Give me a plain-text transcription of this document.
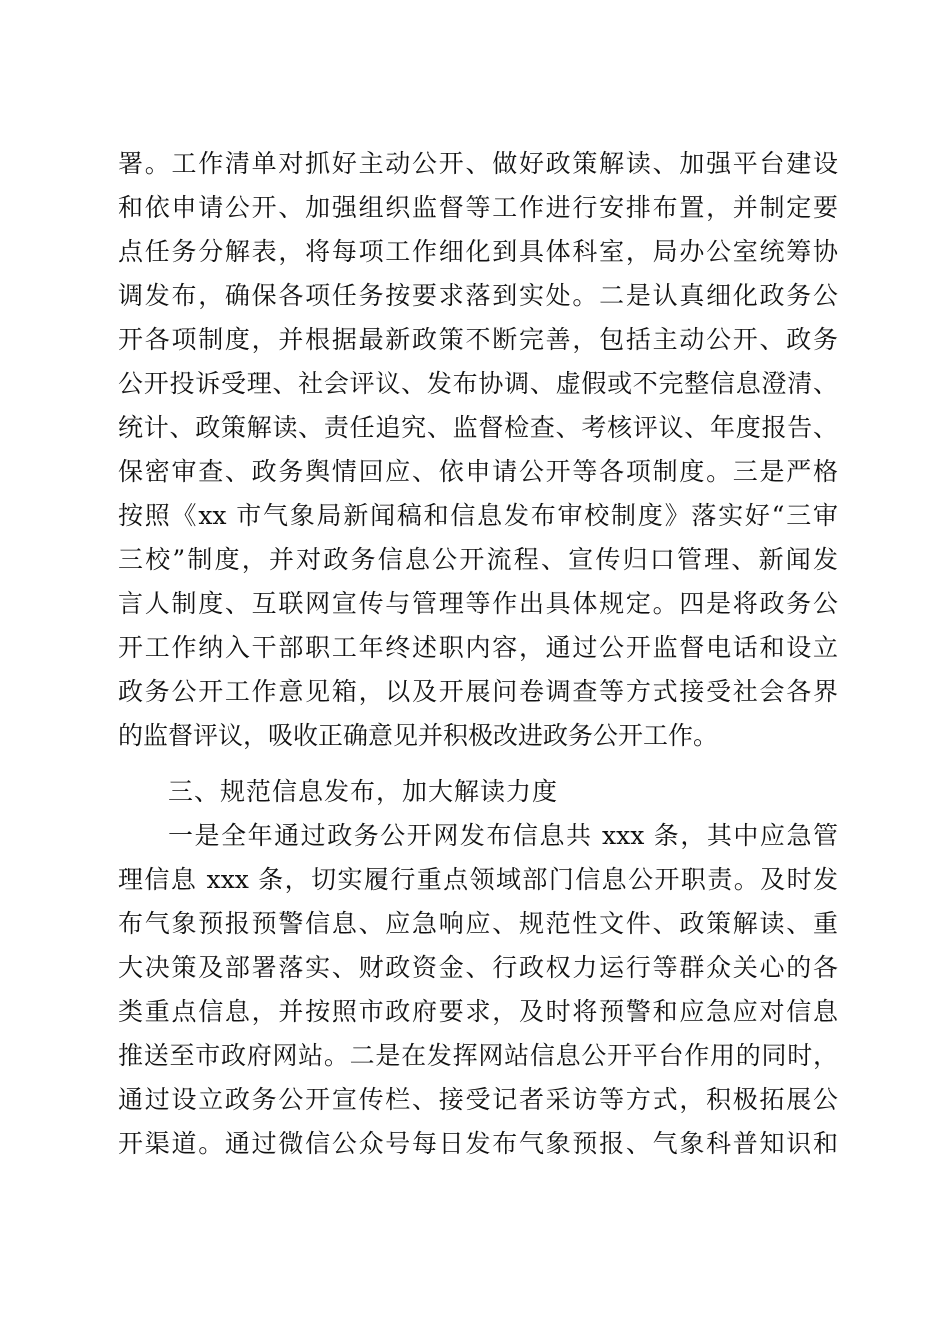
署。工作清单对抓好主动公开、做好政策解读、加强平台建设
和依申请公开、加强组织监督等工作进行安排布置，并制定要
点任务分解表，将每项工作细化到具体科室，局办公室统筹协
调发布，确保各项任务按要求落到实处。二是认真细化政务公
开各项制度，并根据最新政策不断完善，包括主动公开、政务
公开投诉受理、社会评议、发布协调、虚假或不完整信息澄清、
统计、政策解读、责任追究、监督检查、考核评议、年度报告、
保密审查、政务舆情回应、依申请公开等各项制度。三是严格
按照《xx 市气象局新闻稿和信息发布审校制度》落实好“三审
三校”制度，并对政务信息公开流程、宣传归口管理、新闻发
言人制度、互联网宣传与管理等作出具体规定。四是将政务公
开工作纳入干部职工年终述职内容，通过公开监督电话和设立
政务公开工作意见箱，以及开展问卷调查等方式接受社会各界
的监督评议，吸收正确意见并积极改进政务公开工作。
三、规范信息发布，加大解读力度
一是全年通过政务公开网发布信息共 xxx 条，其中应急管
理信息 xxx 条，切实履行重点领域部门信息公开职责。及时发
布气象预报预警信息、应急响应、规范性文件、政策解读、重
大决策及部署落实、财政资金、行政权力运行等群众关心的各
类重点信息，并按照市政府要求，及时将预警和应急应对信息
推送至市政府网站。二是在发挥网站信息公开平台作用的同时，
通过设立政务公开宣传栏、接受记者采访等方式，积极拓展公
开渠道。通过微信公众号每日发布气象预报、气象科普知识和
